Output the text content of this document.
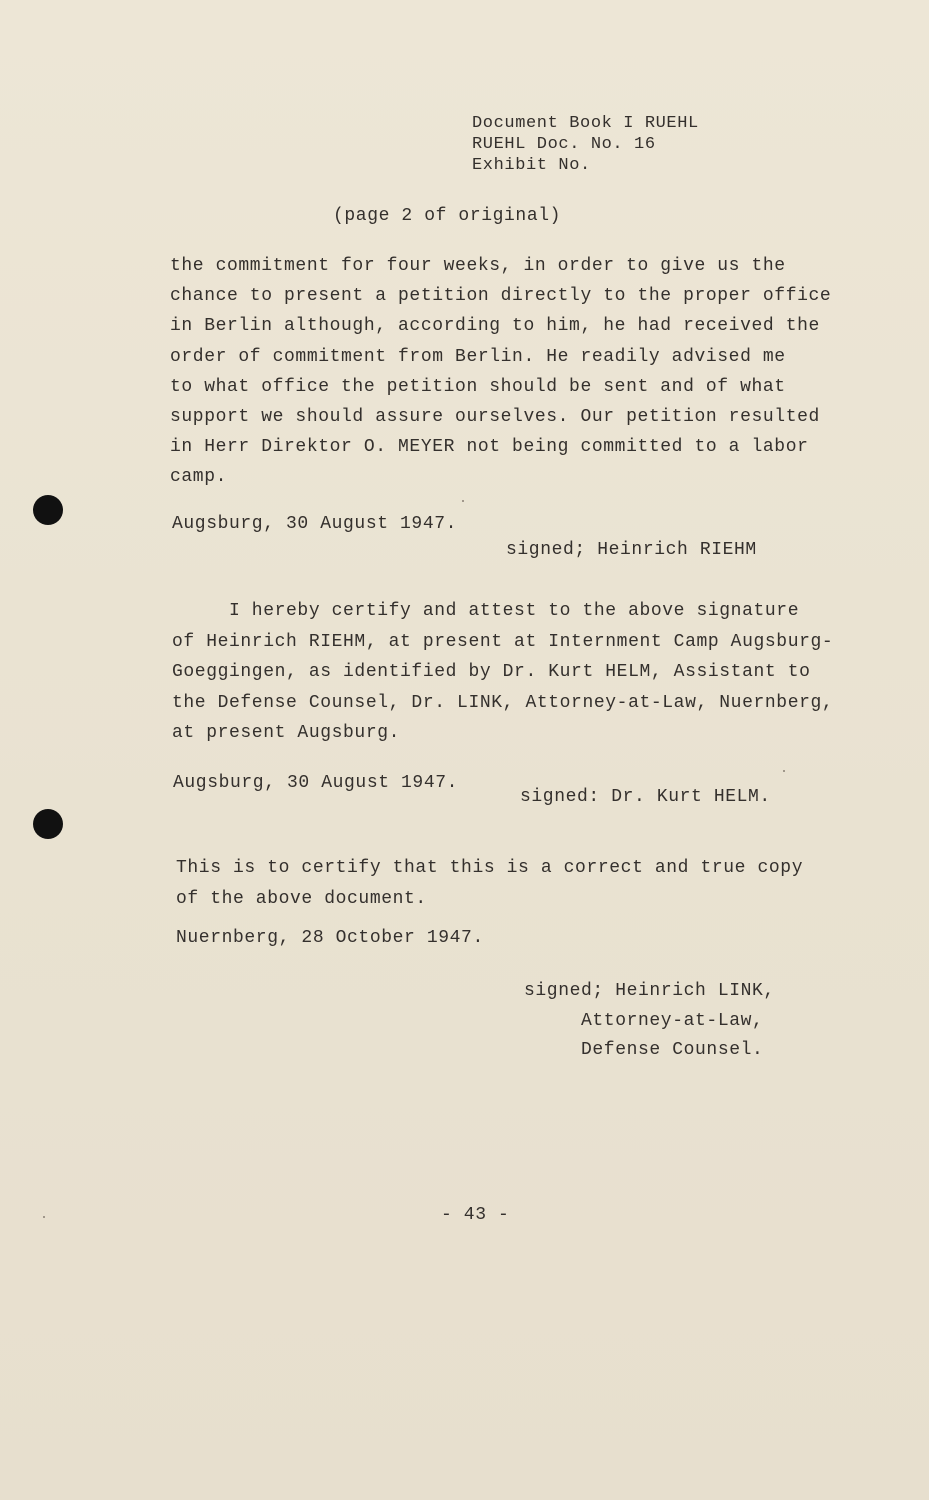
Document Book I RUEHL
RUEHL Doc. No. 16
Exhibit No.
(page 2 of original)
the commitment for four weeks, in order to give us the
chance to present a petition directly to the proper office
in Berlin although, according to him, he had received the
order of commitment from Berlin. He readily advised me
to what office the petition should be sent and of what
support we should assure ourselves. Our petition resulted
in Herr Direktor O. MEYER not being committed to a labor
camp.
Augsburg, 30 August 1947.
signed; Heinrich RIEHM
I hereby certify and attest to the above signature
of Heinrich RIEHM, at present at Internment Camp Augsburg-
Goeggingen, as identified by Dr. Kurt HELM, Assistant to
the Defense Counsel, Dr. LINK, Attorney-at-Law, Nuernberg,
at present Augsburg.
Augsburg, 30 August 1947.
signed: Dr. Kurt HELM.
This is to certify that this is a correct and true copy
of the above document.
Nuernberg, 28 October 1947.
signed; Heinrich LINK,
Attorney-at-Law,
Defense Counsel.
- 43 -
